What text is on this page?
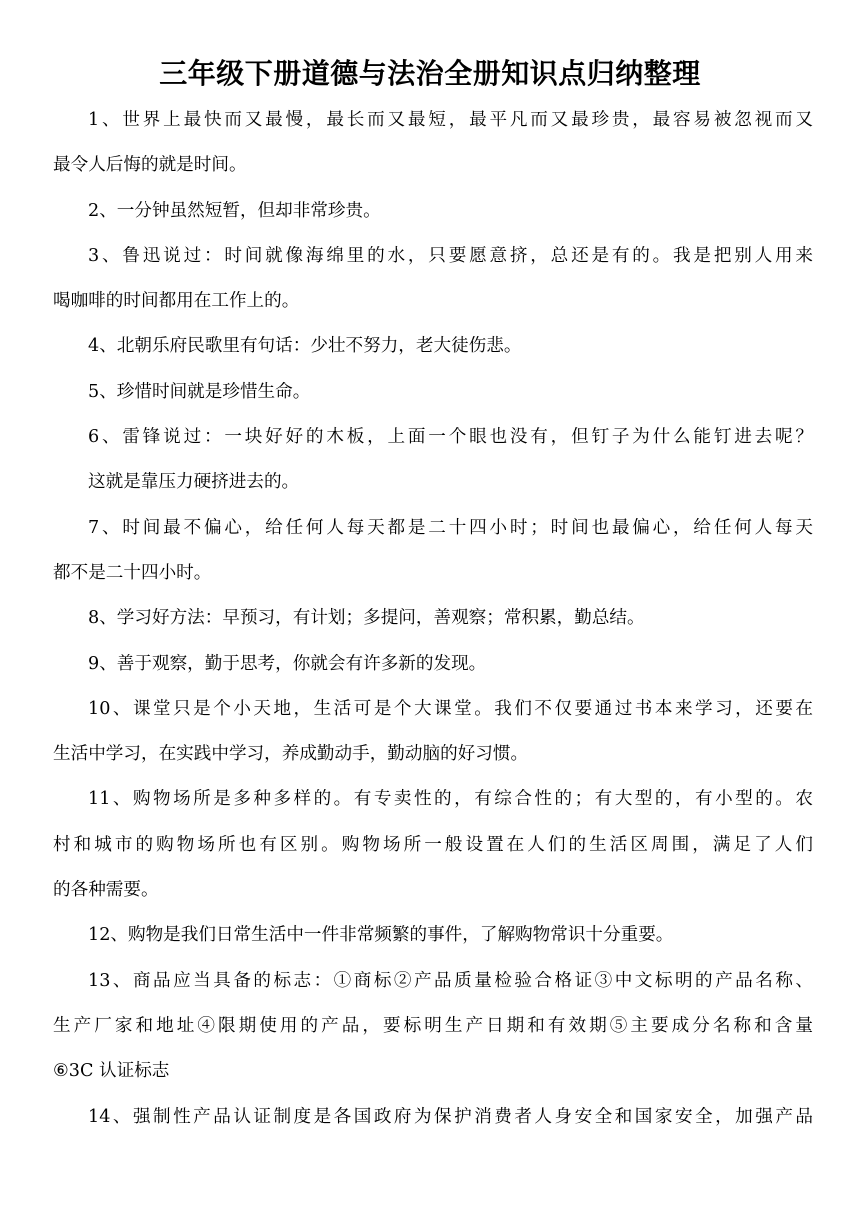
三年级下册道德与法治全册知识点归纳整理
1、世界上最快而又最慢，最长而又最短，最平凡而又最珍贵，最容易被忽视而又
最令人后悔的就是时间。
2、一分钟虽然短暂，但却非常珍贵。
3、鲁迅说过：时间就像海绵里的水，只要愿意挤，总还是有的。我是把别人用来
喝咖啡的时间都用在工作上的。
4、北朝乐府民歌里有句话：少壮不努力，老大徒伤悲。
5、珍惜时间就是珍惜生命。
6、雷锋说过：一块好好的木板，上面一个眼也没有，但钉子为什么能钉进去呢？
这就是靠压力硬挤进去的。
7、时间最不偏心，给任何人每天都是二十四小时；时间也最偏心，给任何人每天
都不是二十四小时。
8、学习好方法：早预习，有计划；多提问，善观察；常积累，勤总结。
9、善于观察，勤于思考，你就会有许多新的发现。
10、课堂只是个小天地，生活可是个大课堂。我们不仅要通过书本来学习，还要在
生活中学习，在实践中学习，养成勤动手，勤动脑的好习惯。
11、购物场所是多种多样的。有专卖性的，有综合性的；有大型的，有小型的。农
村和城市的购物场所也有区别。购物场所一般设置在人们的生活区周围，满足了人们
的各种需要。
12、购物是我们日常生活中一件非常频繁的事件，了解购物常识十分重要。
13、商品应当具备的标志：①商标②产品质量检验合格证③中文标明的产品名称、
生产厂家和地址④限期使用的产品，要标明生产日期和有效期⑤主要成分名称和含量
⑥3C 认证标志
14、强制性产品认证制度是各国政府为保护消费者人身安全和国家安全，加强产品
